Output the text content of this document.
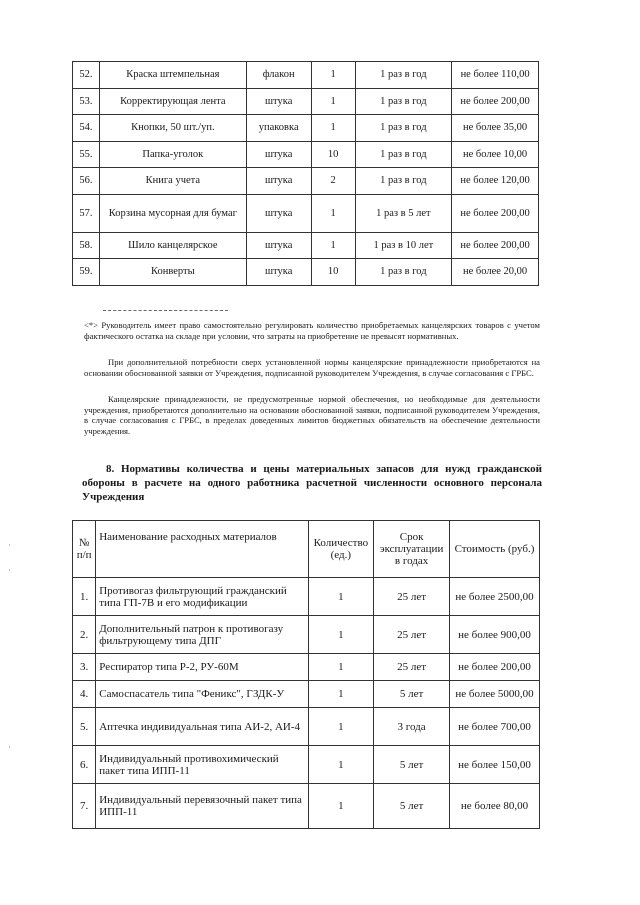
52.	Краска штемпельная	флакон	1	1 раз в год	не более 110,00
53.	Корректирующая лента	штука	1	1 раз в год	не более 200,00
54.	Кнопки, 50 шт./уп.	упаковка	1	1 раз в год	не более 35,00
55.	Папка-уголок	штука	10	1 раз в год	не более 10,00
56.	Книга учета	штука	2	1 раз в год	не более 120,00
57.	Корзина мусорная для бумаг	штука	1	1 раз в 5 лет	не более 200,00
58.	Шило канцелярское	штука	1	1 раз в 10 лет	не более 200,00
59.	Конверты	штука	10	1 раз в год	не более 20,00

<*> Руководитель имеет право самостоятельно регулировать количество приобретаемых канцелярских товаров с учетом фактического остатка на складе при условии, что затраты на приобретение не превысят нормативных.

При дополнительной потребности сверх установленной нормы канцелярские принадлежности приобретаются на основании обоснованной заявки от Учреждения, подписанной руководителем Учреждения, в случае согласования с ГРБС.

Канцелярские принадлежности, не предусмотренные нормой обеспечения, но необходимые для деятельности учреждения, приобретаются дополнительно на основании обоснованной заявки, подписанной руководителем Учреждения, в случае согласования с ГРБС, в пределах доведенных лимитов бюджетных обязательств на обеспечение деятельности учреждения.

8. Нормативы количества и цены материальных запасов для нужд гражданской обороны в расчете на одного работника расчетной численности основного персонала Учреждения

·
·
·
№ п/п	Наименование расходных материалов	Количество (ед.)	Срок эксплуатации в годах	Стоимость (руб.)
1.	Противогаз фильтрующий гражданский типа ГП-7В и его модификации	1	25 лет	не более 2500,00
2.	Дополнительный патрон к противогазу фильтрующему типа ДПГ	1	25 лет	не более 900,00
3.	Респиратор типа Р-2, РУ-60М	1	25 лет	не более 200,00
4.	Самоспасатель типа "Феникс", ГЗДК-У	1	5 лет	не более 5000,00
5.	Аптечка индивидуальная типа АИ-2, АИ-4	1	3 года	не более 700,00
6.	Индивидуальный противохимический пакет типа ИПП-11	1	5 лет	не более 150,00
7.	Индивидуальный перевязочный пакет типа ИПП-11	1	5 лет	не более 80,00
